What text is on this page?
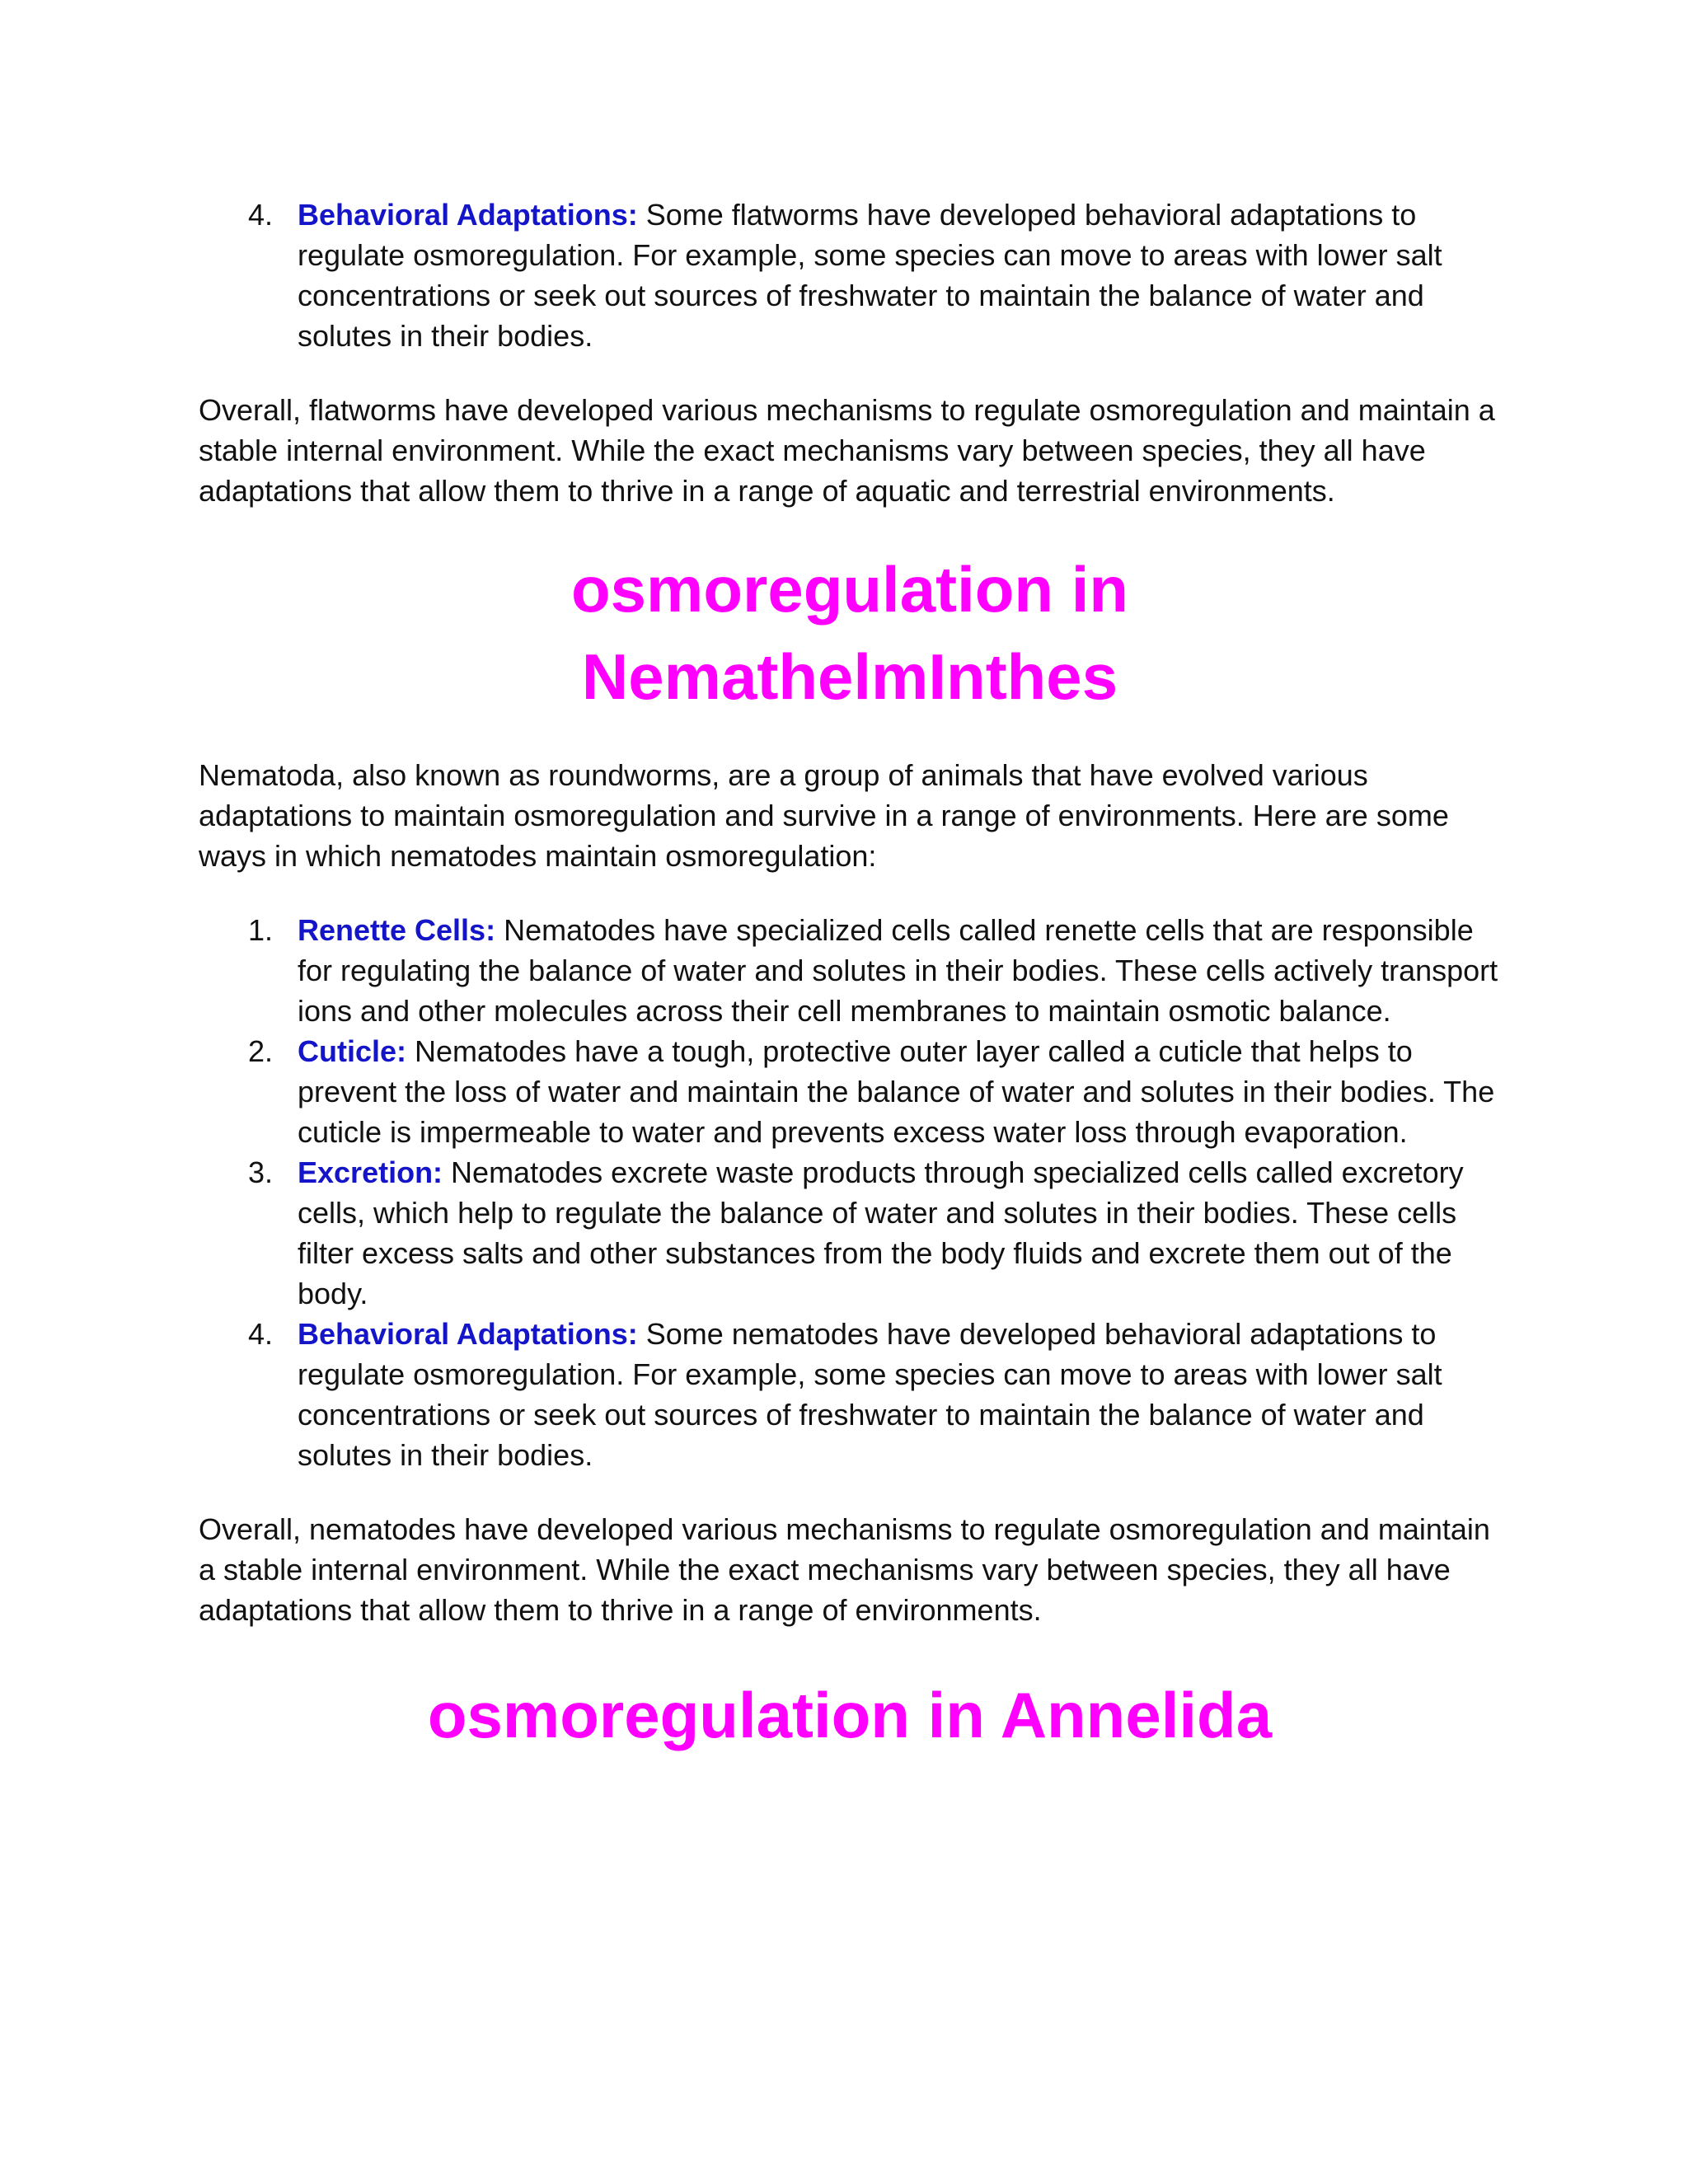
4. Behavioral Adaptations: Some flatworms have developed behavioral adaptations to regulate osmoregulation. For example, some species can move to areas with lower salt concentrations or seek out sources of freshwater to maintain the balance of water and solutes in their bodies.

Overall, flatworms have developed various mechanisms to regulate osmoregulation and maintain a stable internal environment. While the exact mechanisms vary between species, they all have adaptations that allow them to thrive in a range of aquatic and terrestrial environments.

osmoregulation in
NemathelmInthes

Nematoda, also known as roundworms, are a group of animals that have evolved various adaptations to maintain osmoregulation and survive in a range of environments. Here are some ways in which nematodes maintain osmoregulation:

1. Renette Cells: Nematodes have specialized cells called renette cells that are responsible for regulating the balance of water and solutes in their bodies. These cells actively transport ions and other molecules across their cell membranes to maintain osmotic balance.
2. Cuticle: Nematodes have a tough, protective outer layer called a cuticle that helps to prevent the loss of water and maintain the balance of water and solutes in their bodies. The cuticle is impermeable to water and prevents excess water loss through evaporation.
3. Excretion: Nematodes excrete waste products through specialized cells called excretory cells, which help to regulate the balance of water and solutes in their bodies. These cells filter excess salts and other substances from the body fluids and excrete them out of the body.
4. Behavioral Adaptations: Some nematodes have developed behavioral adaptations to regulate osmoregulation. For example, some species can move to areas with lower salt concentrations or seek out sources of freshwater to maintain the balance of water and solutes in their bodies.

Overall, nematodes have developed various mechanisms to regulate osmoregulation and maintain a stable internal environment. While the exact mechanisms vary between species, they all have adaptations that allow them to thrive in a range of environments.

osmoregulation in Annelida
